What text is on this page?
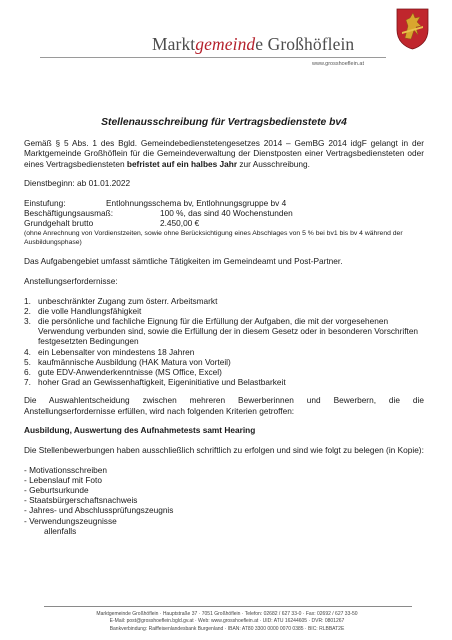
Marktgemeinde Großhöflein
www.grosshoeflein.at
Stellenausschreibung für Vertragsbedienstete bv4

Gemäß § 5 Abs. 1 des Bgld. Gemeindebedienstetengesetzes 2014 – GemBG 2014 idgF gelangt in der Marktgemeinde Großhöflein für die Gemeindeverwaltung der Dienstposten einer Vertragsbediensteten oder eines Vertragsbediensteten befristet auf ein halbes Jahr zur Ausschreibung.

Dienstbeginn: ab 01.01.2022

Einstufung:	Entlohnungsschema bv, Entlohnungsgruppe bv 4
Beschäftigungsausmaß:	100 %, das sind 40 Wochenstunden
Grundgehalt brutto	2.450,00 €
(ohne Anrechnung von Vordienstzeiten, sowie ohne Berücksichtigung eines Abschlages von 5 % bei bv1 bis bv 4 während der Ausbildungsphase)

Das Aufgabengebiet umfasst sämtliche Tätigkeiten im Gemeindeamt und Post-Partner.

Anstellungserfordernisse:

1. unbeschränkter Zugang zum österr. Arbeitsmarkt
2. die volle Handlungsfähigkeit
3. die persönliche und fachliche Eignung für die Erfüllung der Aufgaben, die mit der vorgesehenen Verwendung verbunden sind, sowie die Erfüllung der in diesem Gesetz oder in besonderen Vorschriften festgesetzten Bedingungen
4. ein Lebensalter von mindestens 18 Jahren
5. kaufmännische Ausbildung (HAK Matura von Vorteil)
6. gute EDV-Anwenderkenntnisse (MS Office, Excel)
7. hoher Grad an Gewissenhaftigkeit, Eigeninitiative und Belastbarkeit

Die Auswahlentscheidung zwischen mehreren Bewerberinnen und Bewerbern, die die Anstellungserfordernisse erfüllen, wird nach folgenden Kriterien getroffen:

Ausbildung, Auswertung des Aufnahmetests samt Hearing

Die Stellenbewerbungen haben ausschließlich schriftlich zu erfolgen und sind wie folgt zu belegen (in Kopie):

- Motivationsschreiben
- Lebenslauf mit Foto
- Geburtsurkunde
- Staatsbürgerschaftsnachweis
- Jahres- und Abschlussprüfungszeugnis
- Verwendungszeugnisse
allenfalls
Marktgemeinde Großhöflein · Hauptstraße 37 · 7051 Großhöflein · Telefon: 02682 / 627 33-0 · Fax: 02692 / 627 33-50
E-Mail: post@grosshoeflein.bgld.gv.at · Web: www.grosshoeflein.at · UID: ATU 16244605 · DVR: 0801267
Bankverbindung: Raiffeisenlandesbank Burgenland · IBAN: AT80 3300 0000 0070 0385 · BIC: RLBBAT2E
